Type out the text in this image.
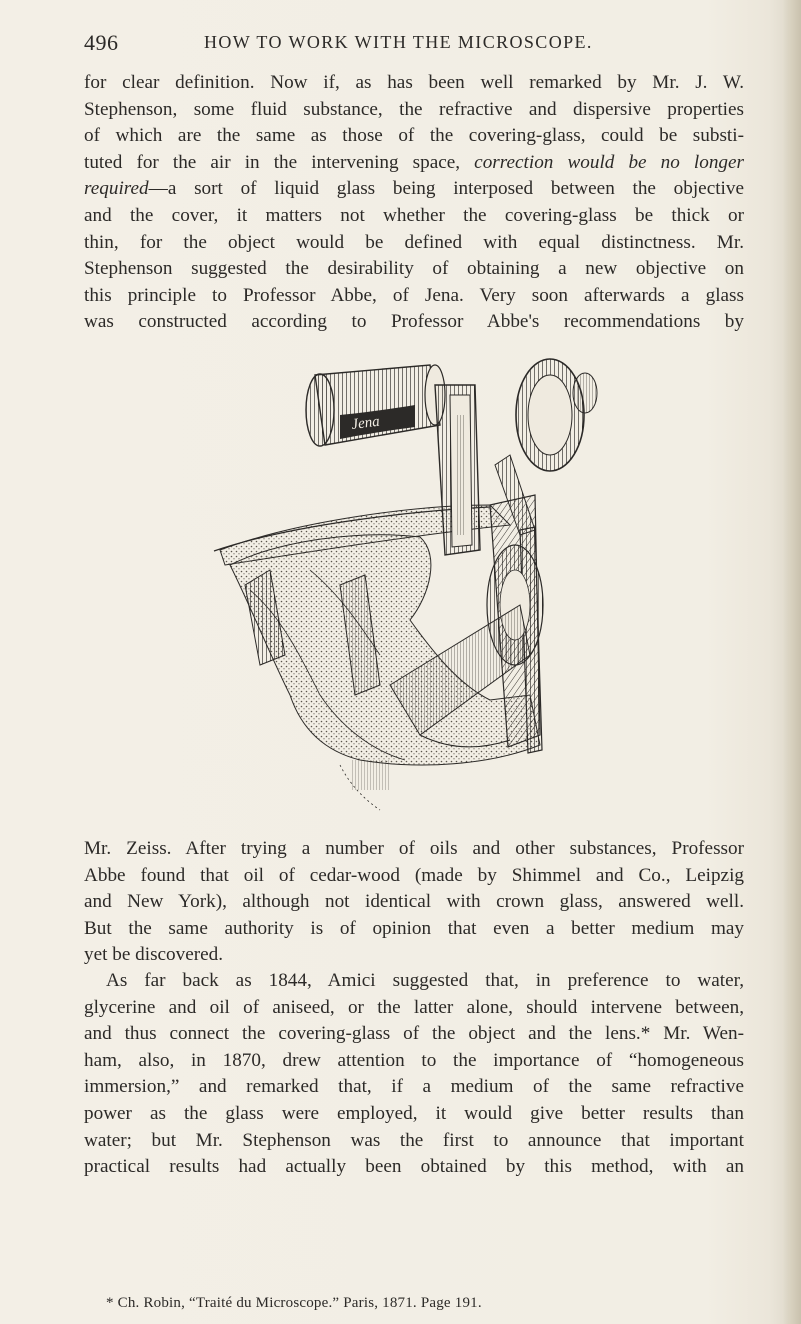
496	HOW TO WORK WITH THE MICROSCOPE.

for clear definition. Now if, as has been well remarked by Mr. J. W.
Stephenson, some fluid substance, the refractive and dispersive properties
of which are the same as those of the covering-glass, could be substi-
tuted for the air in the intervening space, correction would be no longer
required—a sort of liquid glass being interposed between the objective
and the cover, it matters not whether the covering-glass be thick or
thin, for the object would be defined with equal distinctness. Mr.
Stephenson suggested the desirability of obtaining a new objective on
this principle to Professor Abbe, of Jena. Very soon afterwards a glass
was constructed according to Professor Abbe's recommendations by

Jena

Mr. Zeiss. After trying a number of oils and other substances, Professor
Abbe found that oil of cedar-wood (made by Shimmel and Co., Leipzig
and New York), although not identical with crown glass, answered well.
But the same authority is of opinion that even a better medium may
yet be discovered.

As far back as 1844, Amici suggested that, in preference to water,
glycerine and oil of aniseed, or the latter alone, should intervene between,
and thus connect the covering-glass of the object and the lens.* Mr. Wen-
ham, also, in 1870, drew attention to the importance of “homogeneous
immersion,” and remarked that, if a medium of the same refractive
power as the glass were employed, it would give better results than
water; but Mr. Stephenson was the first to announce that important
practical results had actually been obtained by this method, with an

* Ch. Robin, “Traité du Microscope.” Paris, 1871. Page 191.
